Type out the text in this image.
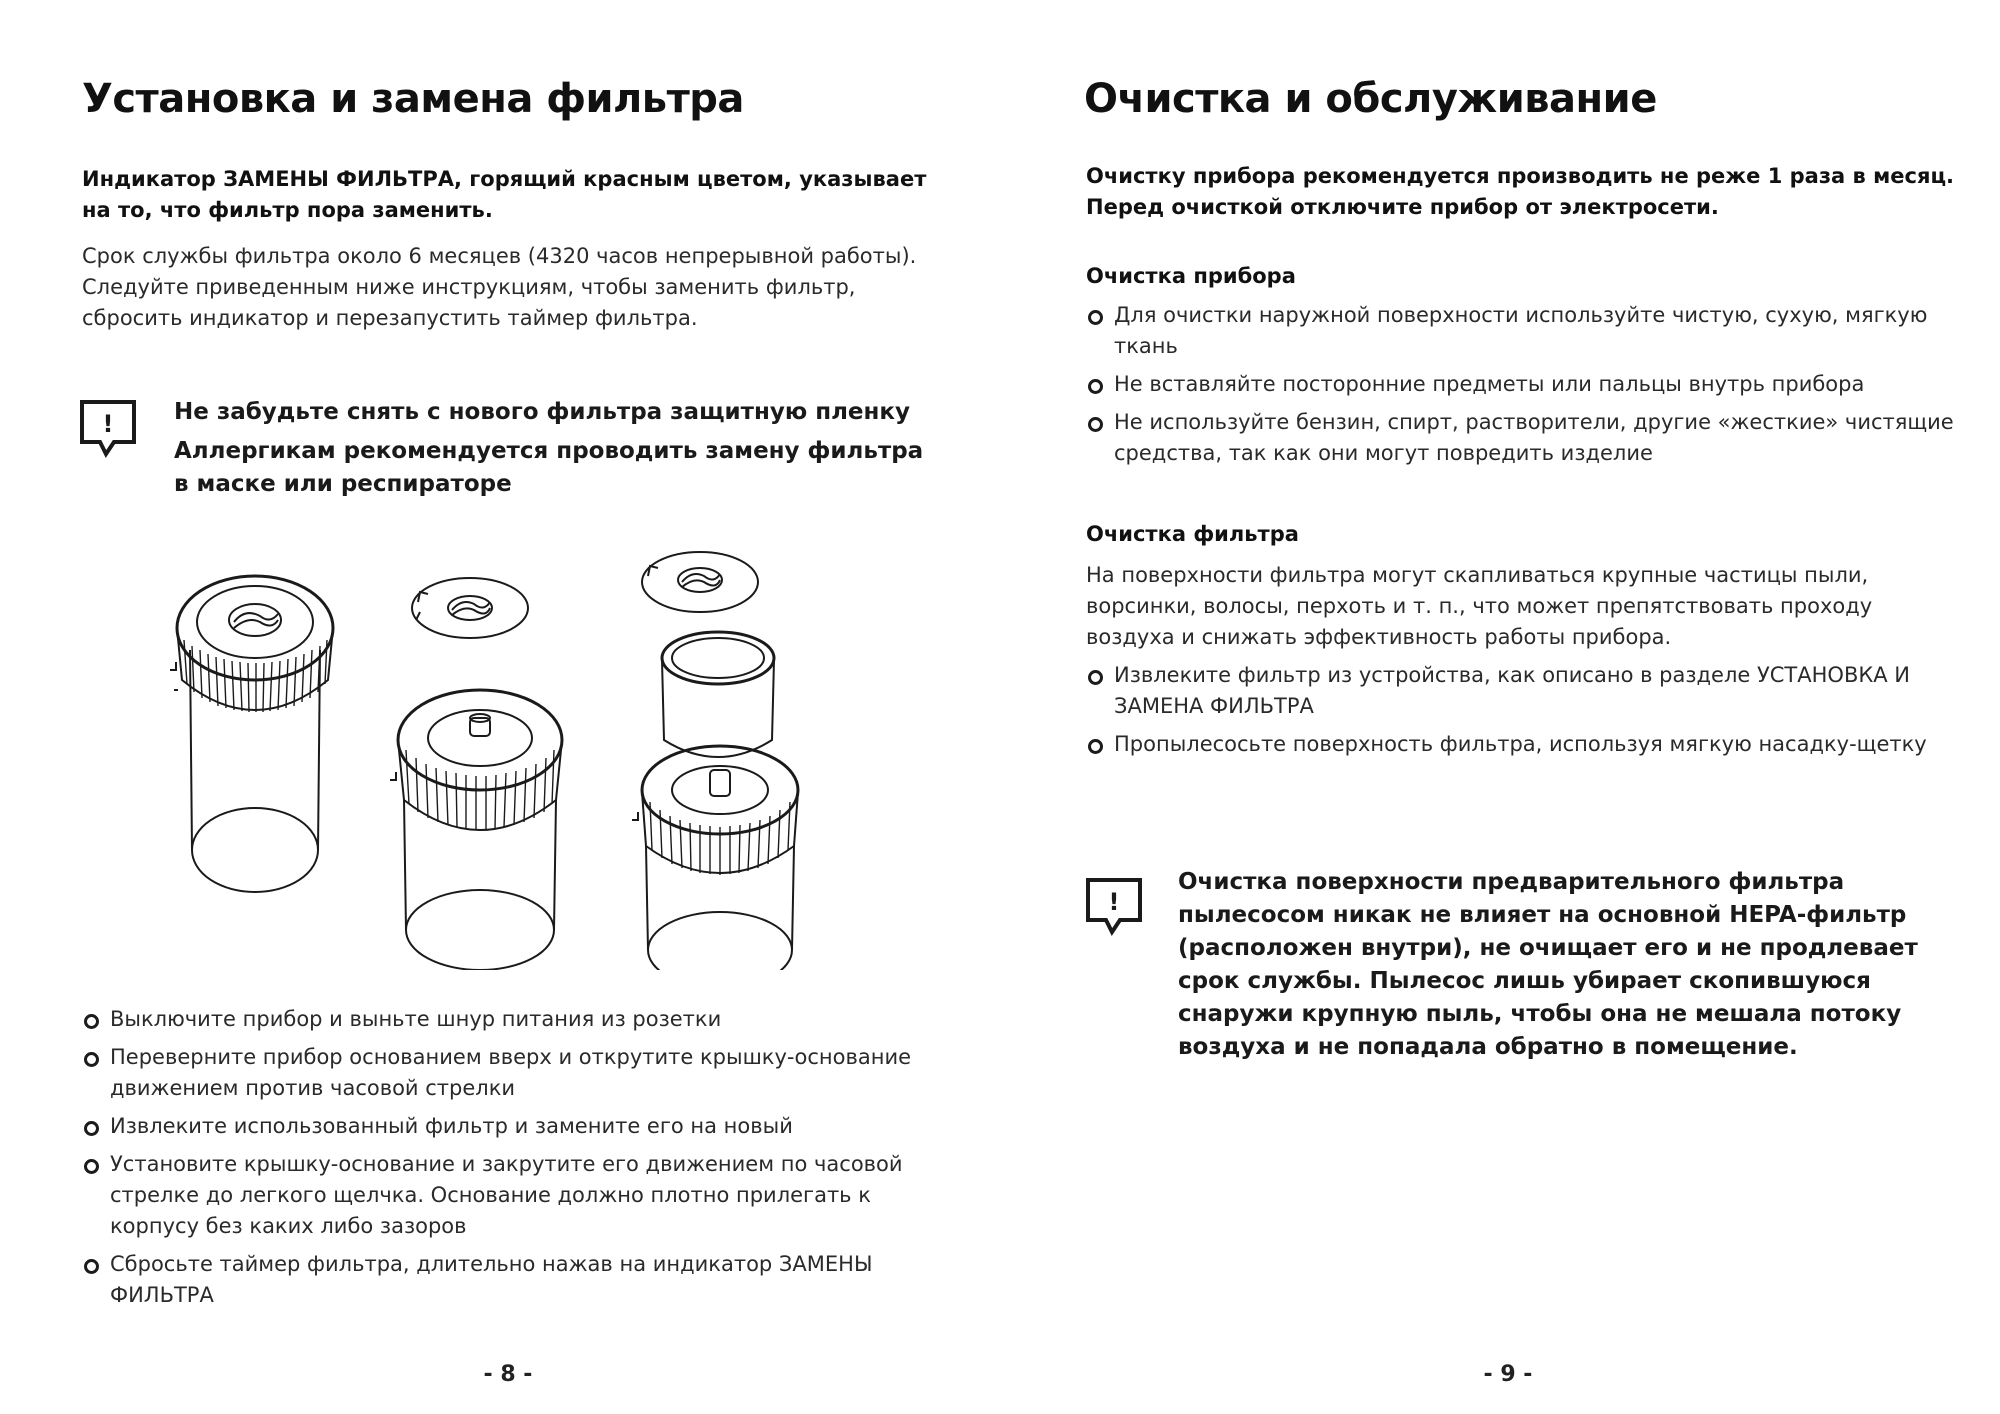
Установка и замена фильтра

Индикатор ЗАМЕНЫ ФИЛЬТРА, горящий красным цветом, указывает на то, что фильтр пора заменить.

Срок службы фильтра около 6 месяцев (4320 часов непрерывной работы). Следуйте приведенным ниже инструкциям, чтобы заменить фильтр, сбросить индикатор и перезапустить таймер фильтра.

!	Не забудьте снять с нового фильтра защитную пленку

Аллергикам рекомендуется проводить замену фильтра в маске или респираторе

Выключите прибор и выньте шнур питания из розетки
Переверните прибор основанием вверх и открутите крышку-основание движением против часовой стрелки
Извлеките использованный фильтр и замените его на новый
Установите крышку-основание и закрутите его движением по часовой стрелке до легкого щелчка. Основание должно плотно прилегать к корпусу без каких либо зазоров
Сбросьте таймер фильтра, длительно нажав на индикатор ЗАМЕНЫ ФИЛЬТРА
- 8 -
Очистка и обслуживание

Очистку прибора рекомендуется производить не реже 1 раза в месяц. Перед очисткой отключите прибор от электросети.

Очистка прибора

Для очистки наружной поверхности используйте чистую, сухую, мягкую ткань
Не вставляйте посторонние предметы или пальцы внутрь прибора
Не используйте бензин, спирт, растворители, другие «жесткие» чистящие средства, так как они могут повредить изделие

Очистка фильтра

На поверхности фильтра могут скапливаться крупные частицы пыли, ворсинки, волосы, перхоть и т. п., что может препятствовать проходу воздуха и снижать эффективность работы прибора.

Извлеките фильтр из устройства, как описано в разделе УСТАНОВКА И ЗАМЕНА ФИЛЬТРА
Пропылесосьте поверхность фильтра, используя мягкую насадку-щетку
!

Очистка поверхности предварительного фильтра пылесосом никак не влияет на основной HEPA-фильтр (расположен внутри), не очищает его и не продлевает срок службы. Пылесос лишь убирает скопившуюся снаружи крупную пыль, чтобы она не мешала потоку воздуха и не попадала обратно в помещение.

- 9 -
